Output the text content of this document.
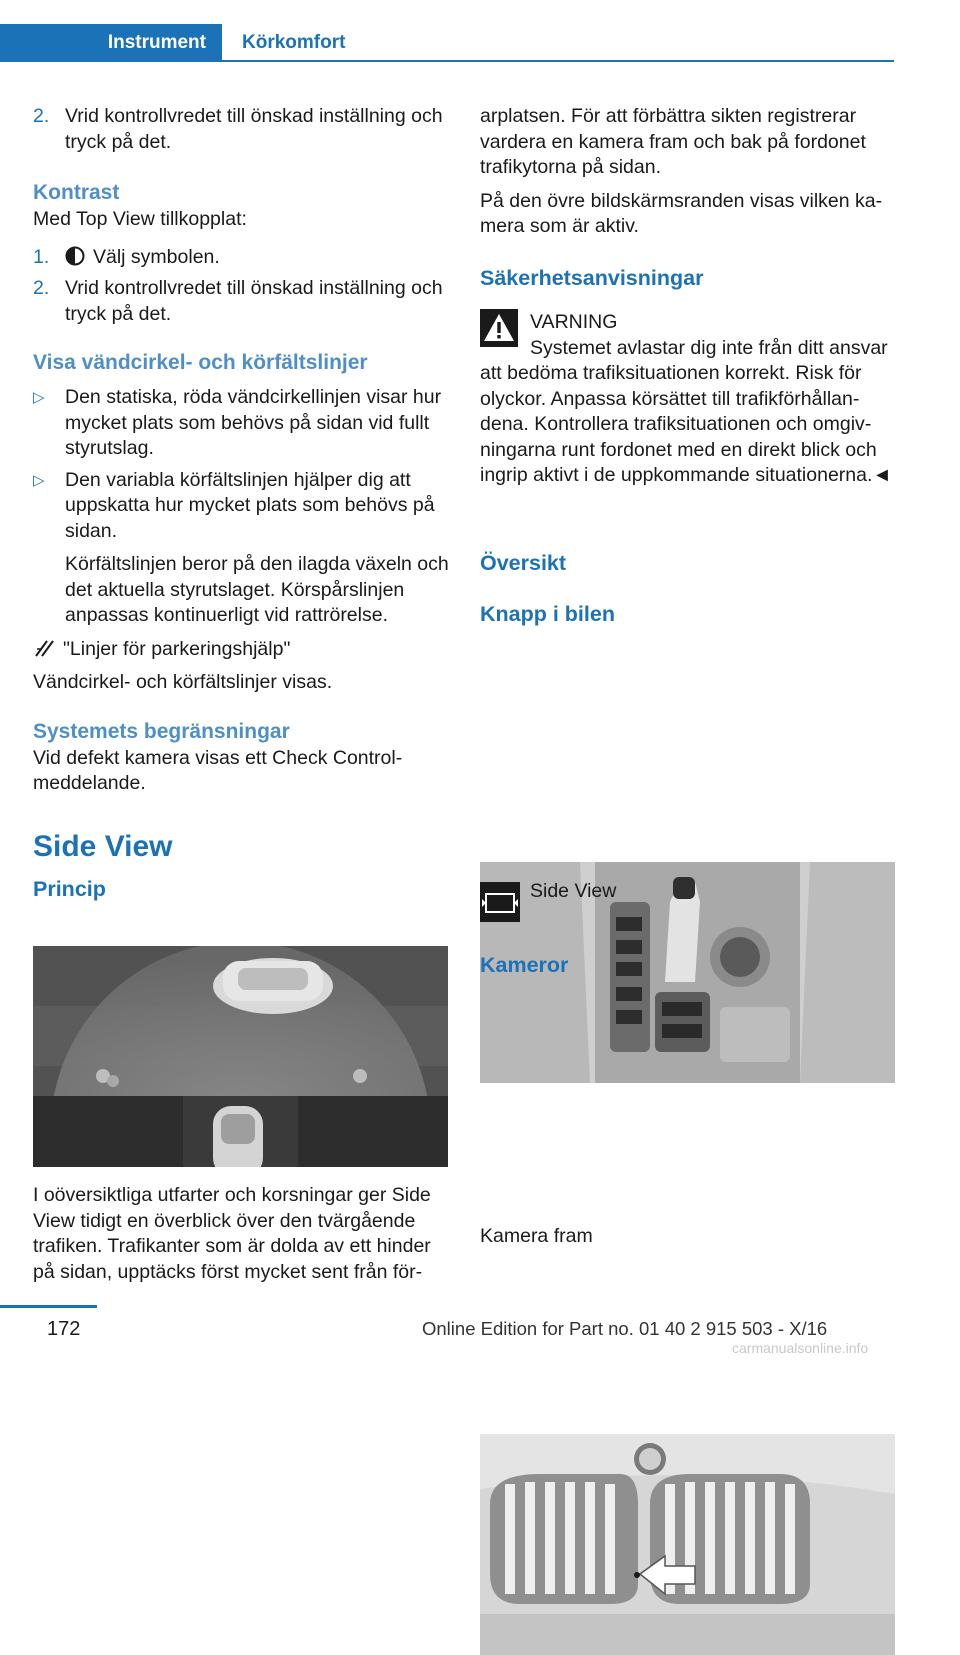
Instrument Körkomfort
2. Vrid kontrollvredet till önskad inställning och tryck på det.
Kontrast

Med Top View tillkopplat:

1.	Välj symbolen.
2. Vrid kontrollvredet till önskad inställning och tryck på det.
Visa vändcirkel- och körfältslinjer
▷	Den statiska, röda vändcirkellinjen visar hur mycket plats som behövs på sidan vid fullt styrutslag.
▷	Den variabla körfältslinjen hjälper dig att uppskatta hur mycket plats som behövs på sidan.

Körfältslinjen beror på den ilagda växeln och det aktuella styrutslaget. Körspårslinjen anpassas kontinuerligt vid rattrörelse.

"Linjer för parkeringshjälp"

Vändcirkel- och körfältslinjer visas.

Systemets begränsningar

Vid defekt kamera visas ett Check Control-meddelande.

Side View
Princip

I oöversiktliga utfarter och korsningar ger Side View tidigt en överblick över den tvärgående trafiken. Trafikanter som är dolda av ett hinder på sidan, upptäcks först mycket sent från för-

arplatsen. För att förbättra sikten registrerar vardera en kamera fram och bak på fordonet trafikytorna på sidan.

På den övre bildskärmsranden visas vilken kamera som är aktiv.

Säkerhetsanvisningar

VARNING

Systemet avlastar dig inte från ditt ansvar att bedöma trafiksituationen korrekt. Risk för olyckor. Anpassa körsättet till trafikförhållandena. Kontrollera trafiksituationen och omgivningarna runt fordonet med en direkt blick och ingrip aktivt i de uppkommande situationerna.◄

Översikt
Knapp i bilen
Side View
Kameror
Kamera fram
172	Online Edition for Part no. 01 40 2 915 503 - X/16
carmanualsonline.info
